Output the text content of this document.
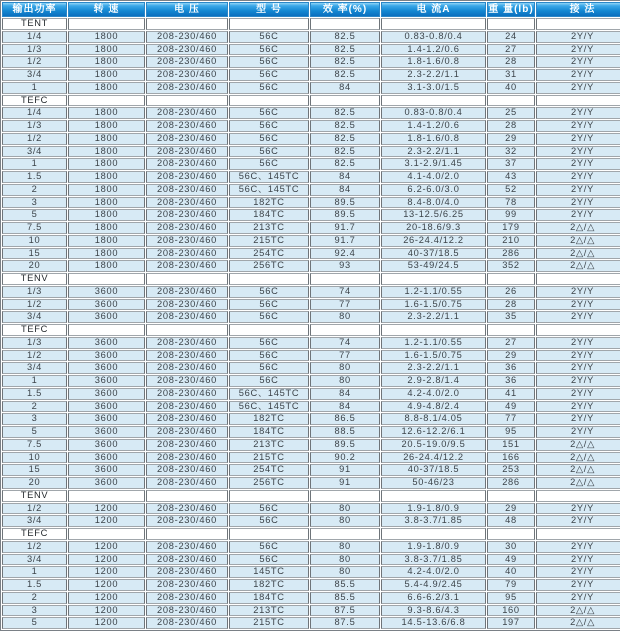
输出功率	转 速	电 压	型 号	效 率(%)	电 流A	重 量(lb)	接 法
TENT							
1/4	1800	208-230/460	56C	82.5	0.83-0.8/0.4	24	2Y/Y
1/3	1800	208-230/460	56C	82.5	1.4-1.2/0.6	27	2Y/Y
1/2	1800	208-230/460	56C	82.5	1.8-1.6/0.8	28	2Y/Y
3/4	1800	208-230/460	56C	82.5	2.3-2.2/1.1	31	2Y/Y
1	1800	208-230/460	56C	84	3.1-3.0/1.5	40	2Y/Y
TEFC							
1/4	1800	208-230/460	56C	82.5	0.83-0.8/0.4	25	2Y/Y
1/3	1800	208-230/460	56C	82.5	1.4-1.2/0.6	28	2Y/Y
1/2	1800	208-230/460	56C	82.5	1.8-1.6/0.8	29	2Y/Y
3/4	1800	208-230/460	56C	82.5	2.3-2.2/1.1	32	2Y/Y
1	1800	208-230/460	56C	82.5	3.1-2.9/1.45	37	2Y/Y
1.5	1800	208-230/460	56C、145TC	84	4.1-4.0/2.0	43	2Y/Y
2	1800	208-230/460	56C、145TC	84	6.2-6.0/3.0	52	2Y/Y
3	1800	208-230/460	182TC	89.5	8.4-8.0/4.0	78	2Y/Y
5	1800	208-230/460	184TC	89.5	13-12.5/6.25	99	2Y/Y
7.5	1800	208-230/460	213TC	91.7	20-18.6/9.3	179	2△/△
10	1800	208-230/460	215TC	91.7	26-24.4/12.2	210	2△/△
15	1800	208-230/460	254TC	92.4	40-37/18.5	286	2△/△
20	1800	208-230/460	256TC	93	53-49/24.5	352	2△/△
TENV							
1/3	3600	208-230/460	56C	74	1.2-1.1/0.55	26	2Y/Y
1/2	3600	208-230/460	56C	77	1.6-1.5/0.75	28	2Y/Y
3/4	3600	208-230/460	56C	80	2.3-2.2/1.1	35	2Y/Y
TEFC							
1/3	3600	208-230/460	56C	74	1.2-1.1/0.55	27	2Y/Y
1/2	3600	208-230/460	56C	77	1.6-1.5/0.75	29	2Y/Y
3/4	3600	208-230/460	56C	80	2.3-2.2/1.1	36	2Y/Y
1	3600	208-230/460	56C	80	2.9-2.8/1.4	36	2Y/Y
1.5	3600	208-230/460	56C、145TC	84	4.2-4.0/2.0	41	2Y/Y
2	3600	208-230/460	56C、145TC	84	4.9-4.8/2.4	49	2Y/Y
3	3600	208-230/460	182TC	86.5	8.8-8.1/4.05	77	2Y/Y
5	3600	208-230/460	184TC	88.5	12.6-12.2/6.1	95	2Y/Y
7.5	3600	208-230/460	213TC	89.5	20.5-19.0/9.5	151	2△/△
10	3600	208-230/460	215TC	90.2	26-24.4/12.2	166	2△/△
15	3600	208-230/460	254TC	91	40-37/18.5	253	2△/△
20	3600	208-230/460	256TC	91	50-46/23	286	2△/△
TENV							
1/2	1200	208-230/460	56C	80	1.9-1.8/0.9	29	2Y/Y
3/4	1200	208-230/460	56C	80	3.8-3.7/1.85	48	2Y/Y
TEFC							
1/2	1200	208-230/460	56C	80	1.9-1.8/0.9	30	2Y/Y
3/4	1200	208-230/460	56C	80	3.8-3.7/1.85	49	2Y/Y
1	1200	208-230/460	145TC	80	4.2-4.0/2.0	40	2Y/Y
1.5	1200	208-230/460	182TC	85.5	5.4-4.9/2.45	79	2Y/Y
2	1200	208-230/460	184TC	85.5	6.6-6.2/3.1	95	2Y/Y
3	1200	208-230/460	213TC	87.5	9.3-8.6/4.3	160	2△/△
5	1200	208-230/460	215TC	87.5	14.5-13.6/6.8	197	2△/△
